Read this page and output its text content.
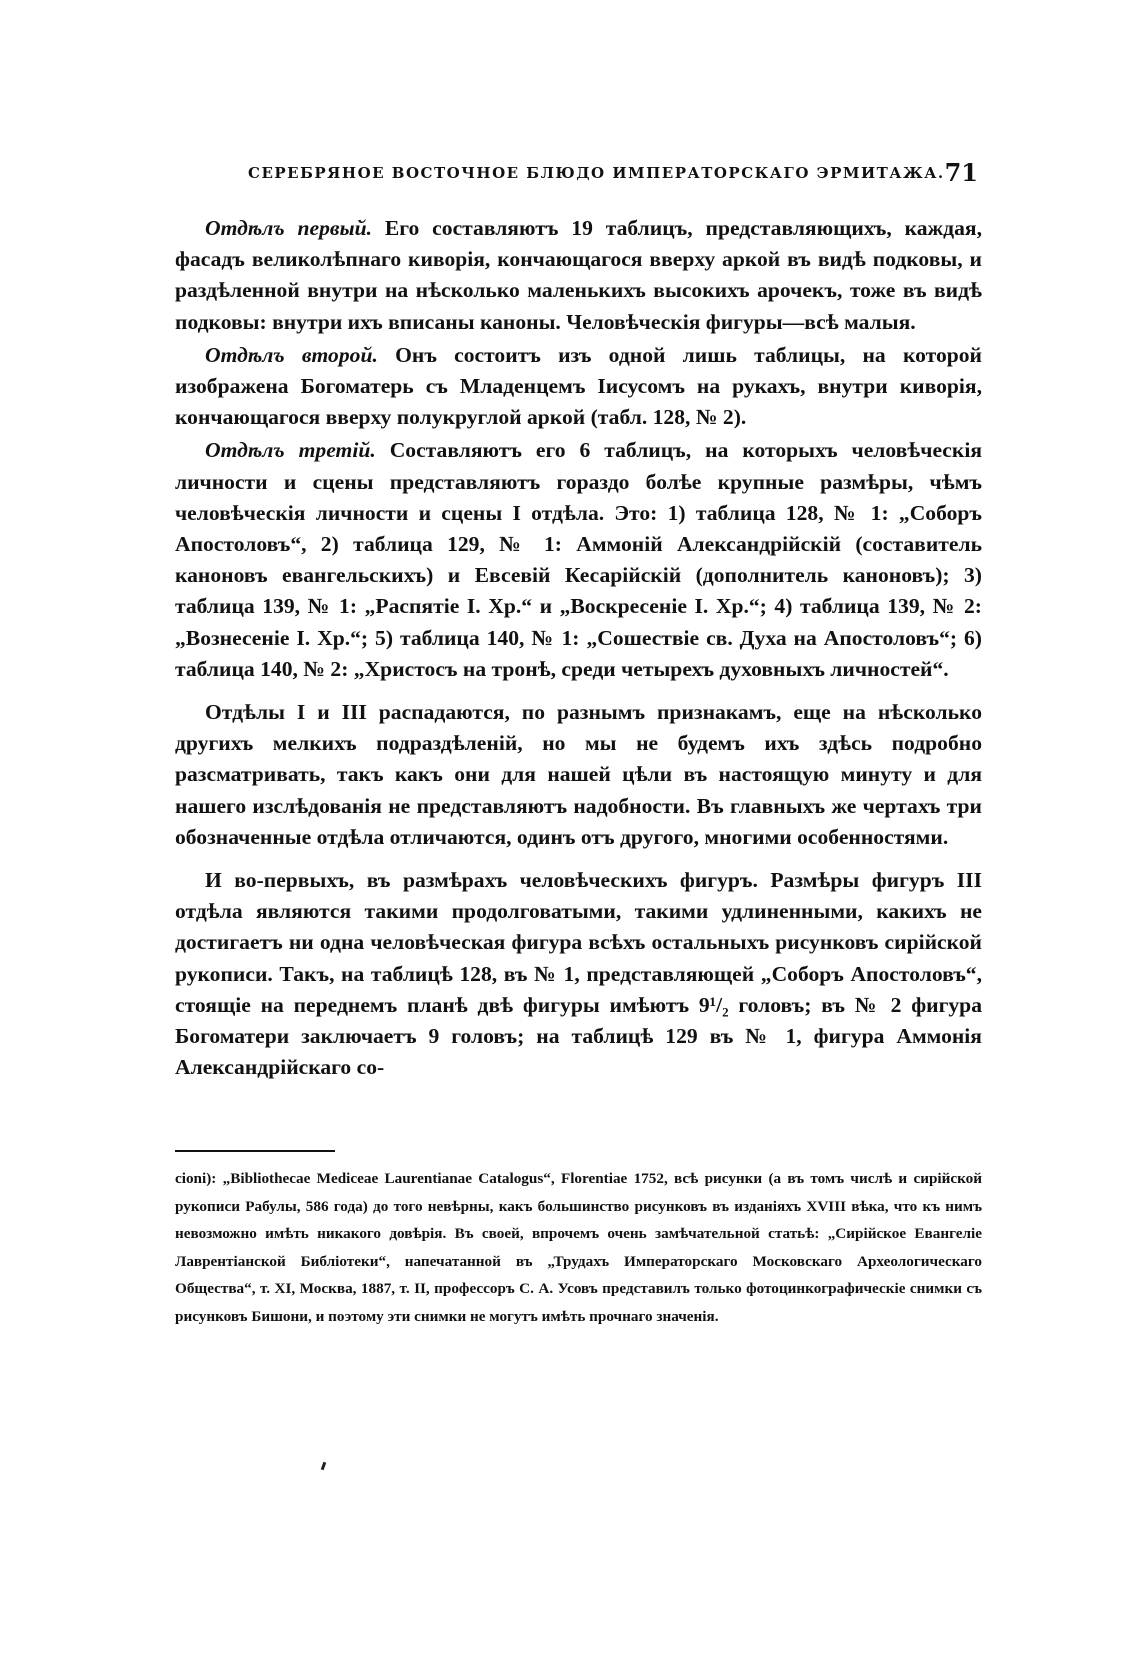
СЕРЕБРЯНОЕ ВОСТОЧНОЕ БЛЮДО ИМПЕРАТОРСКАГО ЭРМИТАЖА. 71

Отдѣлъ первый. Его составляютъ 19 таблицъ, представляющихъ, каждая, фасадъ великолѣпнаго киворія, кончающагося вверху аркой въ видѣ подковы, и раздѣленной внутри на нѣсколько маленькихъ высокихъ арочекъ, тоже въ видѣ подковы: внутри ихъ вписаны каноны. Человѣческія фигуры—всѣ малыя.

Отдѣлъ второй. Онъ состоитъ изъ одной лишь таблицы, на которой изображена Богоматерь съ Младенцемъ Іисусомъ на рукахъ, внутри киворія, кончающагося вверху полукруглой аркой (табл. 128, № 2).

Отдѣлъ третій. Составляютъ его 6 таблицъ, на которыхъ человѣческія личности и сцены представляютъ гораздо болѣе крупные размѣры, чѣмъ человѣческія личности и сцены I отдѣла. Это: 1) таблица 128, № 1: „Соборъ Апостоловъ“, 2) таблица 129, № 1: Аммоній Александрійскій (составитель каноновъ евангельскихъ) и Евсевій Кесарійскій (дополнитель каноновъ); 3) таблица 139, № 1: „Распятіе I. Хр.“ и „Воскресеніе I. Хр.“; 4) таблица 139, № 2: „Вознесеніе I. Хр.“; 5) таблица 140, № 1: „Сошествіе св. Духа на Апостоловъ“; 6) таблица 140, № 2: „Христосъ на тронѣ, среди четырехъ духовныхъ личностей“.

Отдѣлы I и III распадаются, по разнымъ признакамъ, еще на нѣсколько другихъ мелкихъ подраздѣленій, но мы не будемъ ихъ здѣсь подробно разсматривать, такъ какъ они для нашей цѣли въ настоящую минуту и для нашего изслѣдованія не представляютъ надобности. Въ главныхъ же чертахъ три обозначенные отдѣла отличаются, одинъ отъ другого, многими особенностями.

И во-первыхъ, въ размѣрахъ человѣческихъ фигуръ. Размѣры фигуръ III отдѣла являются такими продолговатыми, такими удлиненными, какихъ не достигаетъ ни одна человѣческая фигура всѣхъ остальныхъ рисунковъ сирійской рукописи. Такъ, на таблицѣ 128, въ № 1, представляющей „Соборъ Апостоловъ“, стоящіе на переднемъ планѣ двѣ фигуры имѣютъ 9¹/₂ головъ; въ № 2 фигура Богоматери заключаетъ 9 головъ; на таблицѣ 129 въ № 1, фигура Аммонія Александрійскаго со-

cioni): „Bibliothecae Mediceae Laurentianae Catalogus“, Florentiae 1752, всѣ рисунки (а въ томъ числѣ и сирійской рукописи Рабулы, 586 года) до того невѣрны, какъ большинство рисунковъ въ изданіяхъ XVIII вѣка, что къ нимъ невозможно имѣть никакого довѣрія. Въ своей, впрочемъ очень замѣчательной статьѣ: „Сирійское Евангеліе Лаврентіанской Библіотеки“, напечатанной въ „Трудахъ Императорскаго Московскаго Археологическаго Общества“, т. XI, Москва, 1887, т. II, профессоръ С. А. Усовъ представилъ только фотоцинкографическіе снимки съ рисунковъ Бишони, и поэтому эти снимки не могутъ имѣть прочнаго значенія.
